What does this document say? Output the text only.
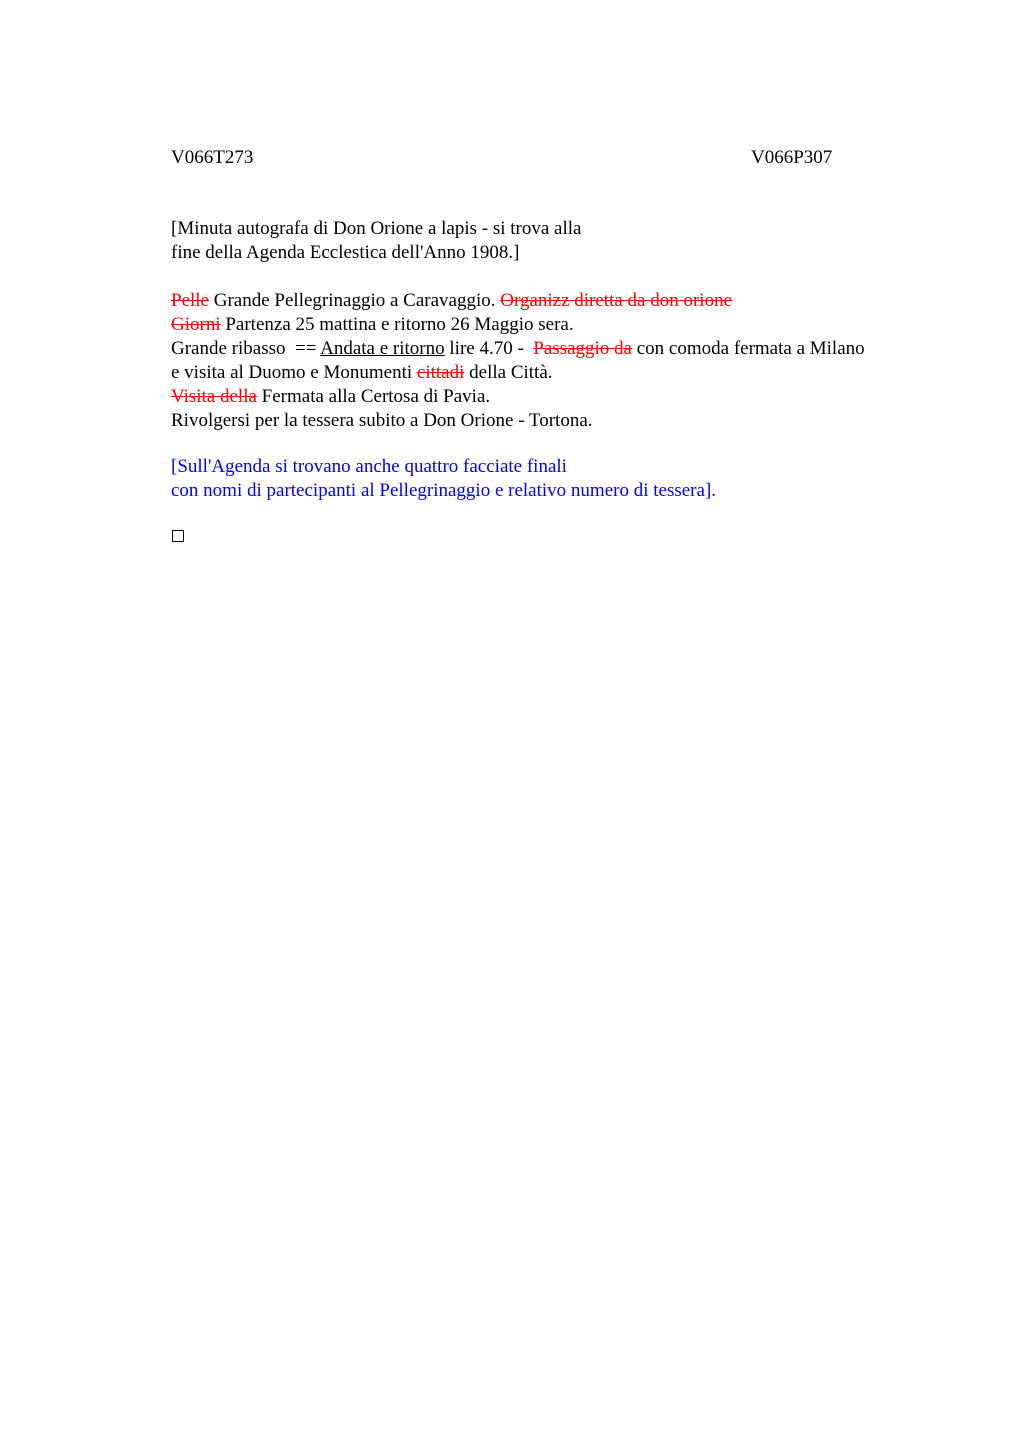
V066T273	V066P307
[Minuta autografa di Don Orione a lapis - si trova alla
fine della Agenda Ecclestica dell'Anno 1908.]
Pelle Grande Pellegrinaggio a Caravaggio. Organizz diretta da don orione
Giorni Partenza 25 mattina e ritorno 26 Maggio sera.
Grande ribasso  == Andata e ritorno lire 4.70 -  Passaggio da con comoda fermata a Milano
e visita al Duomo e Monumenti cittadi della Città.
Visita della Fermata alla Certosa di Pavia.
Rivolgersi per la tessera subito a Don Orione - Tortona.
[Sull'Agenda si trovano anche quattro facciate finali
con nomi di partecipanti al Pellegrinaggio e relativo numero di tessera].
